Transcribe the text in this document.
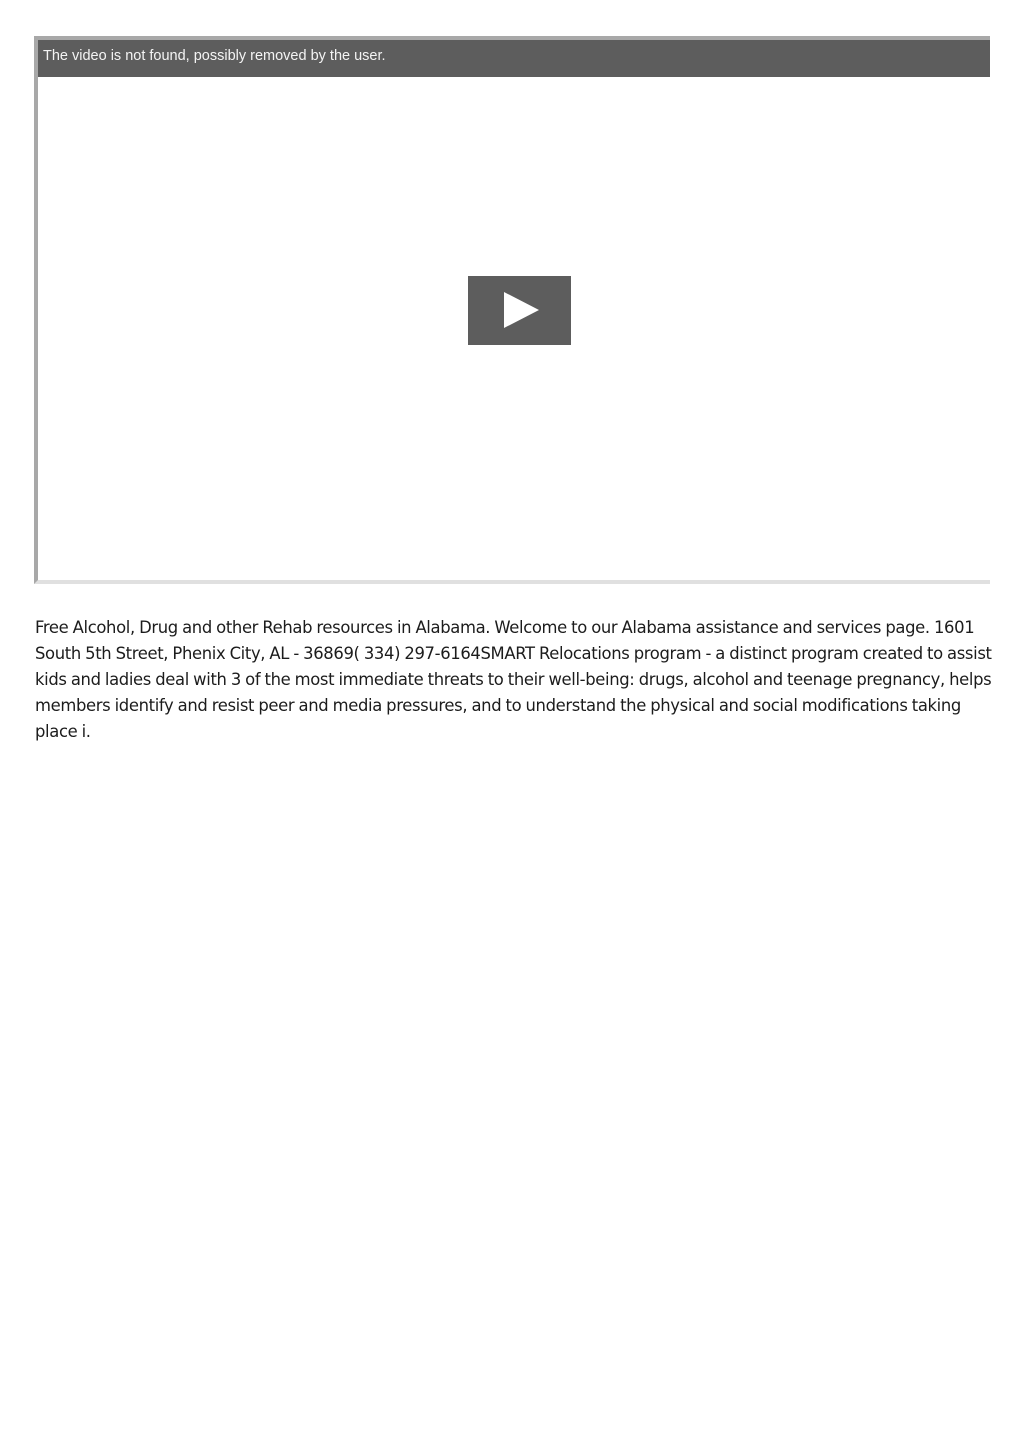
The video is not found, possibly removed by the user.

Free Alcohol, Drug and other Rehab resources in Alabama. Welcome to our Alabama assistance and services page. 1601 South 5th Street, Phenix City, AL - 36869( 334) 297-6164SMART Relocations program - a distinct program created to assist kids and ladies deal with 3 of the most immediate threats to their well-being: drugs, alcohol and teenage pregnancy, helps members identify and resist peer and media pressures, and to understand the physical and social modifications taking place i.
